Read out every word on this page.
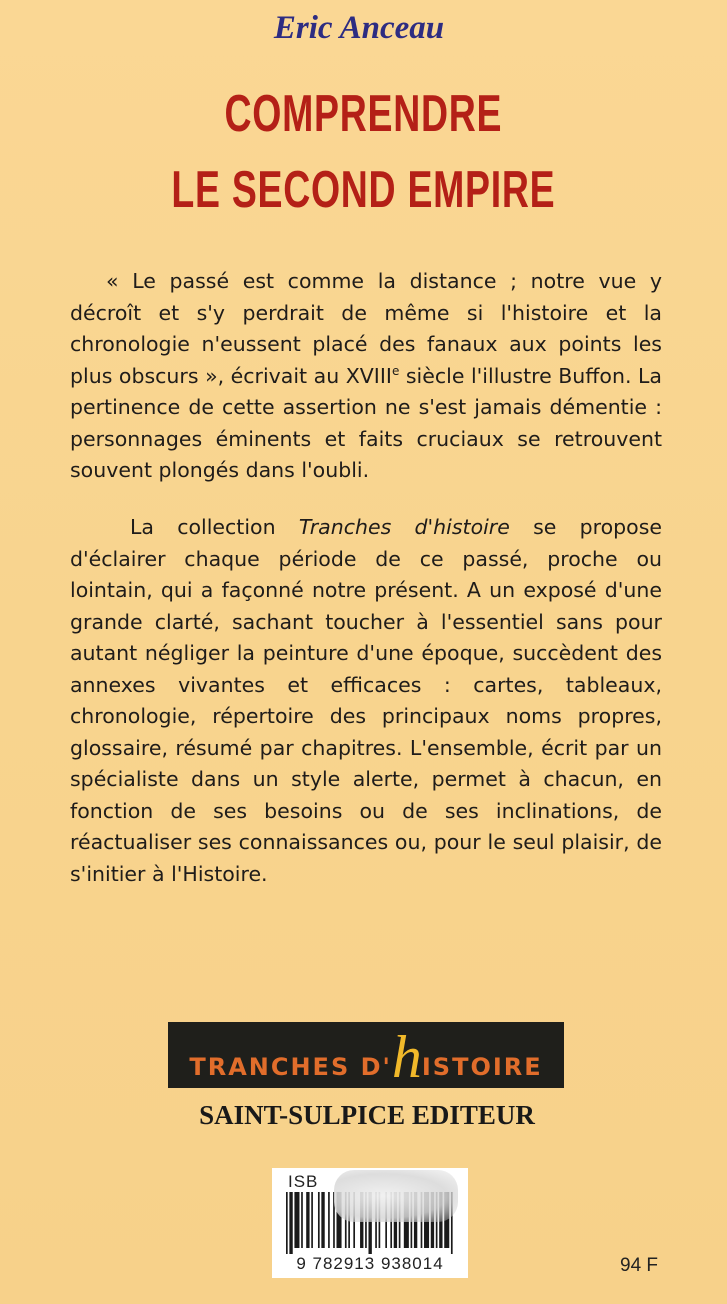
Eric Anceau
COMPRENDRE
LE SECOND EMPIRE
« Le passé est comme la distance ; notre vue y décroît et s'y perdrait de même si l'histoire et la chronologie n'eussent placé des fanaux aux points les plus obscurs », écrivait au XVIIIe siècle l'illustre Buffon. La pertinence de cette assertion ne s'est jamais démentie : personnages éminents et faits cruciaux se retrouvent souvent plongés dans l'oubli.
La collection Tranches d'histoire se propose d'éclairer chaque période de ce passé, proche ou lointain, qui a façonné notre présent. A un exposé d'une grande clarté, sachant toucher à l'essentiel sans pour autant négliger la peinture d'une époque, succèdent des annexes vivantes et efficaces : cartes, tableaux, chronologie, répertoire des principaux noms propres, glossaire, résumé par chapitres. L'ensemble, écrit par un spécialiste dans un style alerte, permet à chacun, en fonction de ses besoins ou de ses inclinations, de réactualiser ses connaissances ou, pour le seul plaisir, de s'initier à l'Histoire.
TRANCHES D'hISTOIRE
SAINT-SULPICE EDITEUR
ISB
9 782913 938014	94 F
